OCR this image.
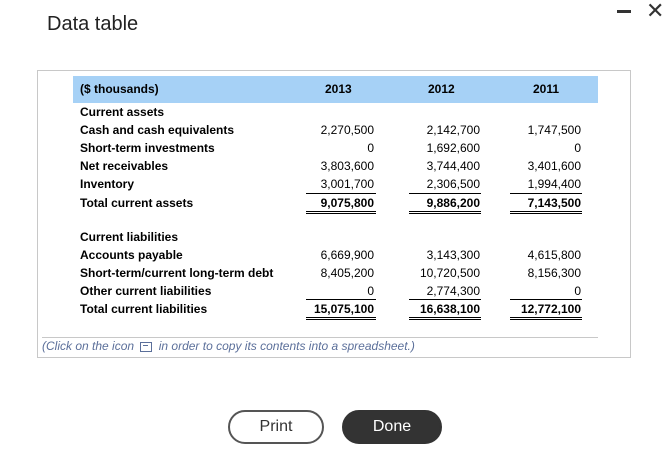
Data table
✕
($ thousands)	2013	2012	2011
Current assets
Cash and cash equivalents	2,270,500	2,142,700	1,747,500
Short-term investments	0	1,692,600	0
Net receivables	3,803,600	3,744,400	3,401,600
Inventory	3,001,700	2,306,500	1,994,400
Total current assets	9,075,800	9,886,200	7,143,500
Current liabilities
Accounts payable	6,669,900	3,143,300	4,615,800
Short-term/current long-term debt	8,405,200	10,720,500	8,156,300
Other current liabilities	0	2,774,300	0
Total current liabilities	15,075,100	16,638,100	12,772,100
(Click on the icon in order to copy its contents into a spreadsheet.)
Print	Done
